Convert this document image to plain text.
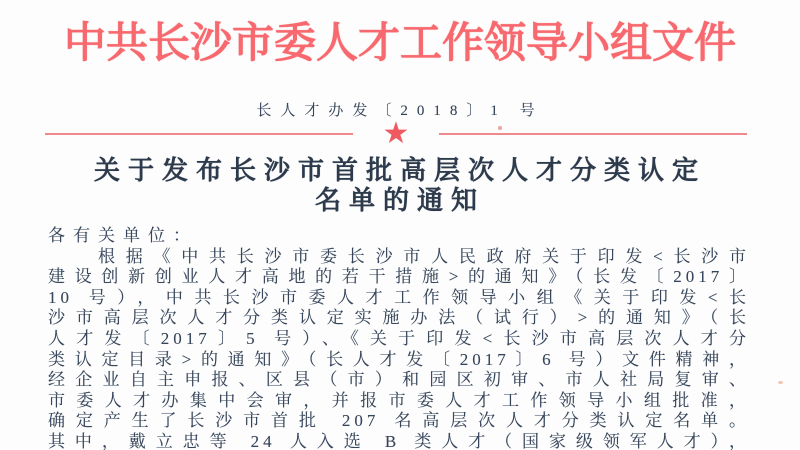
中共长沙市委人才工作领导小组文件
长人才办发〔2018〕1 号
★
关于发布长沙市首批高层次人才分类认定
名单的通知
各有关单位：
根据《中共长沙市委长沙市人民政府关于印发<长沙市
建设创新创业人才高地的若干措施>的通知》（长发〔2017〕
10 号），中共长沙市委人才工作领导小组《关于印发<长
沙市高层次人才分类认定实施办法（试行）>的通知》（长
人才发〔2017〕5 号）、《关于印发<长沙市高层次人才分
类认定目录>的通知》（长人才发〔2017〕6 号）文件精神，
经企业自主申报、区县（市）和园区初审、市人社局复审、
市委人才办集中会审，并报市委人才工作领导小组批准，
确定产生了长沙市首批 207 名高层次人才分类认定名单。
其中，戴立忠等 24 人入选 B 类人才（国家级领军人才），
